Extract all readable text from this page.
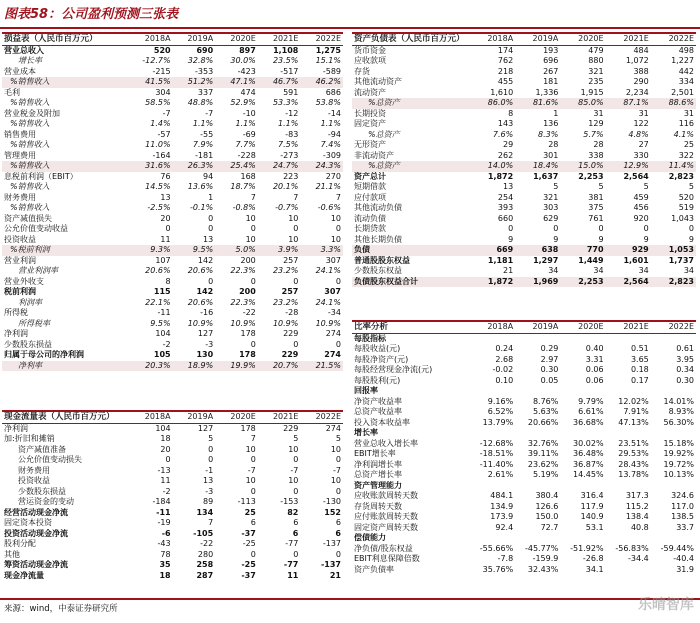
图表58：公司盈利预测三张表
损益表（人民币百万元）	2018A	2019A	2020E	2021E	2022E
营业总收入	520	690	897	1,108	1,275
增长率	-12.7%	32.8%	30.0%	23.5%	15.1%
营业成本	-215	-353	-423	-517	-589
%销售收入	41.5%	51.2%	47.1%	46.7%	46.2%
毛利	304	337	474	591	686
%销售收入	58.5%	48.8%	52.9%	53.3%	53.8%
营业税金及附加	-7	-7	-10	-12	-14
%销售收入	1.4%	1.1%	1.1%	1.1%	1.1%
销售费用	-57	-55	-69	-83	-94
%销售收入	11.0%	7.9%	7.7%	7.5%	7.4%
管理费用	-164	-181	-228	-273	-309
%销售收入	31.6%	26.3%	25.4%	24.7%	24.3%
息税前利润（EBIT）	76	94	168	223	270
%销售收入	14.5%	13.6%	18.7%	20.1%	21.1%
财务费用	13	1	7	7	7
%销售收入	-2.5%	-0.1%	-0.8%	-0.7%	-0.6%
资产减值损失	20	0	10	10	10
公允价值变动收益	0	0	0	0	0
投资收益	11	13	10	10	10
%税前利润	9.3%	9.5%	5.0%	3.9%	3.3%
营业利润	107	142	200	257	307
营业利润率	20.6%	20.6%	22.3%	23.2%	24.1%
营业外收支	8	0	0	0	0
税前利润	115	142	200	257	307
利润率	22.1%	20.6%	22.3%	23.2%	24.1%
所得税	-11	-16	-22	-28	-34
所得税率	9.5%	10.9%	10.9%	10.9%	10.9%
净利润	104	127	178	229	274
少数股东损益	-2	-3	0	0	0
归属于母公司的净利润	105	130	178	229	274
净利率	20.3%	18.9%	19.9%	20.7%	21.5%
现金流量表（人民币百万元）	2018A	2019A	2020E	2021E	2022E
净利润	104	127	178	229	274
加:折旧和摊销	18	5	7	5	5
资产减值准备	20	0	10	10	10
公允价值变动损失	0	0	0	0	0
财务费用	-13	-1	-7	-7	-7
投资收益	11	13	10	10	10
少数股东损益	-2	-3	0	0	0
营运资金的变动	-184	89	-113	-153	-130
经营活动现金净流	-11	134	25	82	152
固定资本投资	-19	7	6	6	6
投资活动现金净流	-6	-105	-37	6	6
股利分配	-43	-22	-25	-77	-137
其他	78	280	0	0	0
筹资活动现金净流	35	258	-25	-77	-137
现金净流量	18	287	-37	11	21
资产负债表（人民币百万元）	2018A	2019A	2020E	2021E	2022E
货币资金	174	193	479	484	498
应收款项	762	696	880	1,072	1,227
存货	218	267	321	388	442
其他流动资产	455	181	235	290	334
流动资产	1,610	1,336	1,915	2,234	2,501
%总资产	86.0%	81.6%	85.0%	87.1%	88.6%
长期投资	8	1	31	31	31
固定资产	143	136	129	122	116
%总资产	7.6%	8.3%	5.7%	4.8%	4.1%
无形资产	29	28	28	27	25
非流动资产	262	301	338	330	322
%总资产	14.0%	18.4%	15.0%	12.9%	11.4%
资产总计	1,872	1,637	2,253	2,564	2,823
短期借款	13	5	5	5	5
应付款项	254	321	381	459	520
其他流动负债	393	303	375	456	519
流动负债	660	629	761	920	1,043
长期贷款	0	0	0	0	0
其他长期负债	9	9	9	9	9
负债	669	638	770	929	1,053
普通股股东权益	1,181	1,297	1,449	1,601	1,737
少数股东权益	21	34	34	34	34
负债股东权益合计	1,872	1,969	2,253	2,564	2,823
比率分析	2018A	2019A	2020E	2021E	2022E
每股指标					
每股收益(元)	0.24	0.29	0.40	0.51	0.61
每股净资产(元)	2.68	2.97	3.31	3.65	3.95
每股经营现金净流(元)	-0.02	0.30	0.06	0.18	0.34
每股股利(元)	0.10	0.05	0.06	0.17	0.30
回报率					
净资产收益率	9.16%	8.76%	9.79%	12.02%	14.01%
总资产收益率	6.52%	5.63%	6.61%	7.91%	8.93%
投入资本收益率	13.79%	20.66%	36.68%	47.13%	56.30%
增长率					
营业总收入增长率	-12.68%	32.76%	30.02%	23.51%	15.18%
EBIT增长率	-18.51%	39.11%	36.48%	29.53%	19.92%
净利润增长率	-11.40%	23.62%	36.87%	28.43%	19.72%
总资产增长率	2.61%	5.19%	14.45%	13.78%	10.13%
资产管理能力					
应收账款周转天数	484.1	380.4	316.4	317.3	324.6
存货周转天数	134.9	126.6	117.9	115.2	117.0
应付账款周转天数	173.9	150.0	140.9	138.4	138.5
固定资产周转天数	92.4	72.7	53.1	40.8	33.7
偿债能力					
净负债/股东权益	-55.66%	-45.77%	-51.92%	-56.83%	-59.44%
EBIT利息保障倍数	-7.8	-159.9	-26.8	-34.4	-40.4
资产负债率	35.76%	32.43%	34.1		31.9
来源：wind，中泰证券研究所	乐晴智库
